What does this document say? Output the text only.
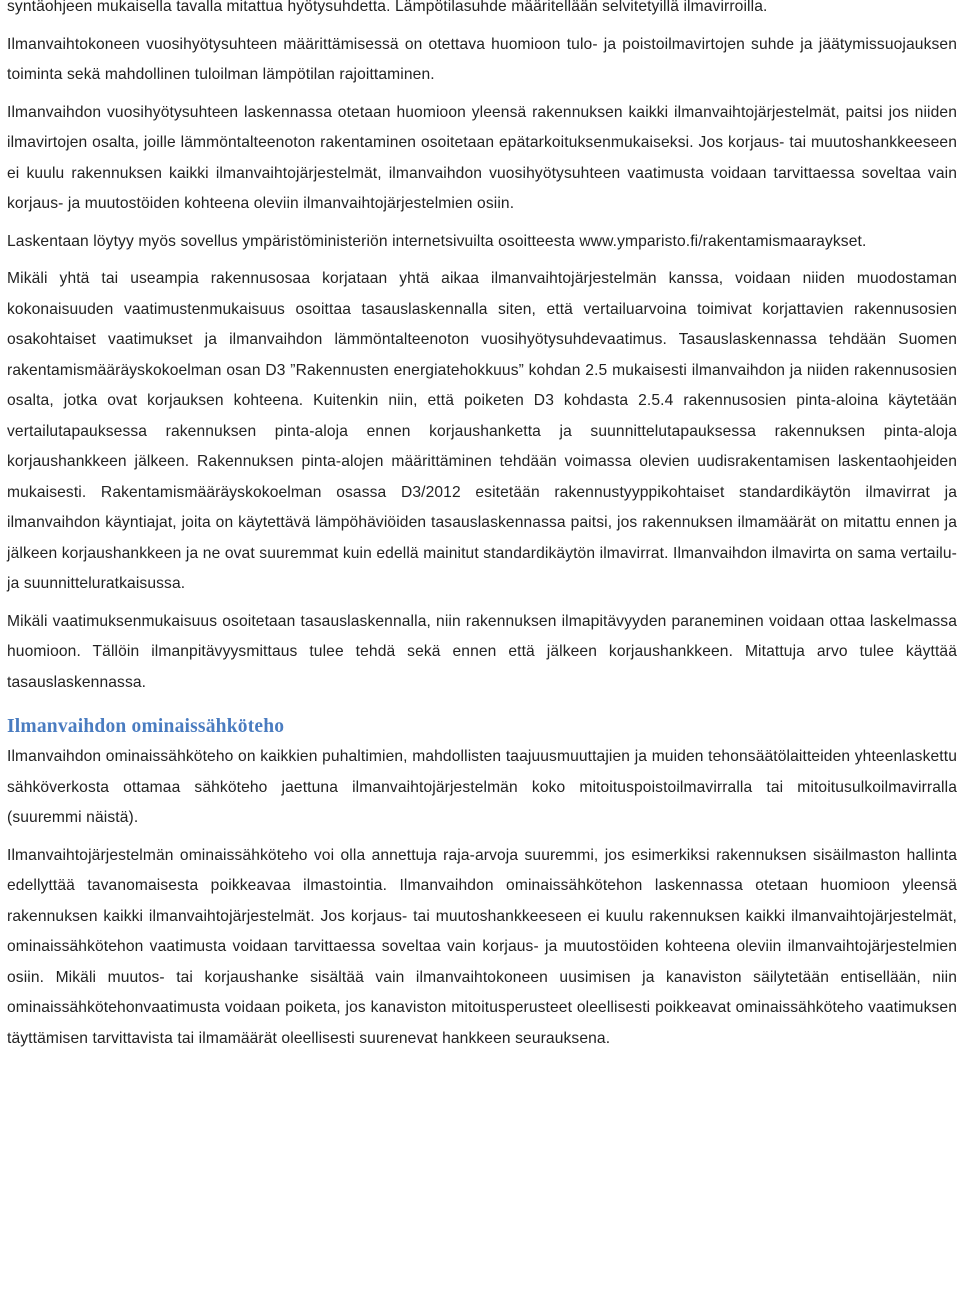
syntäohjeen mukaisella tavalla mitattua hyötysuhdetta. Lämpötilasuhde määritellään selvitetyillä ilmavirroilla.

Ilmanvaihtokoneen vuosihyötysuhteen määrittämisessä on otettava huomioon tulo- ja poistoilmavirtojen suhde ja jäätymissuojauksen toiminta sekä mahdollinen tuloilman lämpötilan rajoittaminen.

Ilmanvaihdon vuosihyötysuhteen laskennassa otetaan huomioon yleensä rakennuksen kaikki ilmanvaihtojärjestelmät, paitsi jos niiden ilmavirtojen osalta, joille lämmöntalteenoton rakentaminen osoitetaan epätarkoituksenmukaiseksi. Jos korjaus- tai muutoshankkeeseen ei kuulu rakennuksen kaikki ilmanvaihtojärjestelmät, ilmanvaihdon vuosihyötysuhteen vaatimusta voidaan tarvittaessa soveltaa vain korjaus- ja muutostöiden kohteena oleviin ilmanvaihtojärjestelmien osiin.

Laskentaan löytyy myös sovellus ympäristöministeriön internetsivuilta osoitteesta www.ymparisto.fi/rakentamismaaraykset.

Mikäli yhtä tai useampia rakennusosaa korjataan yhtä aikaa ilmanvaihtojärjestelmän kanssa, voidaan niiden muodostaman kokonaisuuden vaatimustenmukaisuus osoittaa tasauslaskennalla siten, että vertailuarvoina toimivat korjattavien rakennusosien osakohtaiset vaatimukset ja ilmanvaihdon lämmöntalteenoton vuosihyötysuhdevaatimus. Tasauslaskennassa tehdään Suomen rakentamismääräyskokoelman osan D3 ”Rakennusten energiatehokkuus” kohdan 2.5 mukaisesti ilmanvaihdon ja niiden rakennusosien osalta, jotka ovat korjauksen kohteena. Kuitenkin niin, että poiketen D3 kohdasta 2.5.4 rakennusosien pinta-aloina käytetään vertailutapauksessa rakennuksen pinta-aloja ennen korjaushanketta ja suunnittelutapauksessa rakennuksen pinta-aloja korjaushankkeen jälkeen. Rakennuksen pinta-alojen määrittäminen tehdään voimassa olevien uudisrakentamisen laskentaohjeiden mukaisesti. Rakentamismääräyskokoelman osassa D3/2012 esitetään rakennustyyppikohtaiset standardikäytön ilmavirrat ja ilmanvaihdon käyntiajat, joita on käytettävä lämpöhäviöiden tasauslaskennassa paitsi, jos rakennuksen ilmamäärät on mitattu ennen ja jälkeen korjaushankkeen ja ne ovat suuremmat kuin edellä mainitut standardikäytön ilmavirrat. Ilmanvaihdon ilmavirta on sama vertailu- ja suunnitteluratkaisussa.

Mikäli vaatimuksenmukaisuus osoitetaan tasauslaskennalla, niin rakennuksen ilmapitävyyden paraneminen voidaan ottaa laskelmassa huomioon. Tällöin ilmanpitävyysmittaus tulee tehdä sekä ennen että jälkeen korjaushankkeen. Mitattuja arvo tulee käyttää tasauslaskennassa.

Ilmanvaihdon ominaissähköteho

Ilmanvaihdon ominaissähköteho on kaikkien puhaltimien, mahdollisten taajuusmuuttajien ja muiden tehonsäätölaitteiden yhteenlaskettu sähköverkosta ottamaa sähköteho jaettuna ilmanvaihtojärjestelmän koko mitoituspoistoilmavirralla tai mitoitusulkoilmavirralla (suuremmi näistä).

Ilmanvaihtojärjestelmän ominaissähköteho voi olla annettuja raja-arvoja suuremmi, jos esimerkiksi rakennuksen sisäilmaston hallinta edellyttää tavanomaisesta poikkeavaa ilmastointia. Ilmanvaihdon ominaissähkötehon laskennassa otetaan huomioon yleensä rakennuksen kaikki ilmanvaihtojärjestelmät. Jos korjaus- tai muutoshankkeeseen ei kuulu rakennuksen kaikki ilmanvaihtojärjestelmät, ominaissähkötehon vaatimusta voidaan tarvittaessa soveltaa vain korjaus- ja muutostöiden kohteena oleviin ilmanvaihtojärjestelmien osiin. Mikäli muutos- tai korjaushanke sisältää vain ilmanvaihtokoneen uusimisen ja kanaviston säilytetään entisellään, niin ominaissähkötehonvaatimusta voidaan poiketa, jos kanaviston mitoitusperusteet oleellisesti poikkeavat ominaissähköteho vaatimuksen täyttämisen tarvittavista tai ilmamäärät oleellisesti suurenevat hankkeen seurauksena.
